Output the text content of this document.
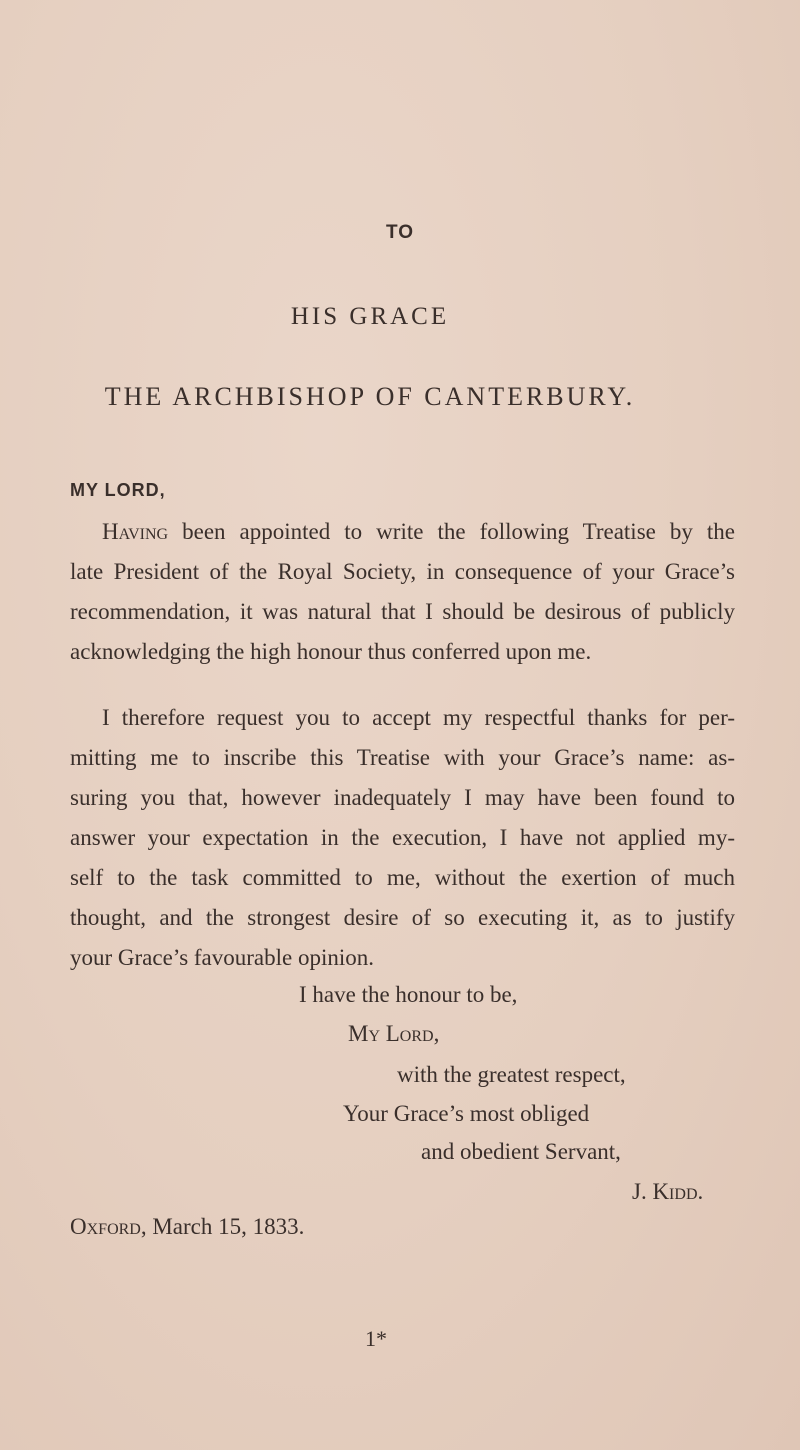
TO
HIS GRACE
THE ARCHBISHOP OF CANTERBURY.
MY LORD,
Having been appointed to write the following Treatise by the
late President of the Royal Society, in consequence of your Grace’s
recommendation, it was natural that I should be desirous of publicly
acknowledging the high honour thus conferred upon me.
I therefore request you to accept my respectful thanks for per-
mitting me to inscribe this Treatise with your Grace’s name: as-
suring you that, however inadequately I may have been found to
answer your expectation in the execution, I have not applied my-
self to the task committed to me, without the exertion of much
thought, and the strongest desire of so executing it, as to justify
your Grace’s favourable opinion.
I have the honour to be,
My Lord,
with the greatest respect,
Your Grace’s most obliged
and obedient Servant,
J. Kidd.
Oxford, March 15, 1833.
1*
